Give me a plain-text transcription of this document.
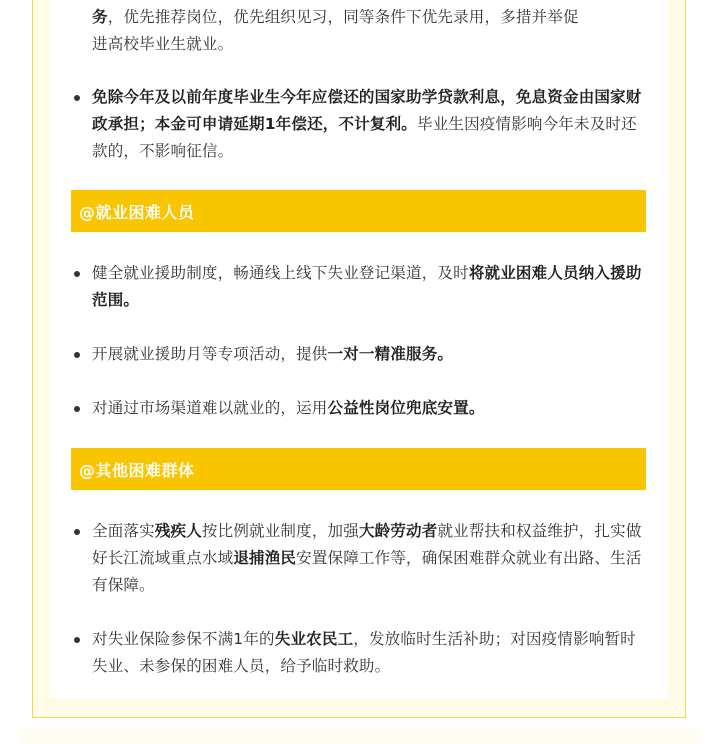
务，优先推荐岗位，优先组织见习，同等条件下优先录用，多措并举促
进高校毕业生就业。
免除今年及以前年度毕业生今年应偿还的国家助学贷款利息，免息资金由国家财政承担；本金可申请延期1年偿还，不计复利。毕业生因疫情影响今年未及时还款的，不影响征信。
@就业困难人员
健全就业援助制度，畅通线上线下失业登记渠道，及时将就业困难人员纳入援助范围。
开展就业援助月等专项活动，提供一对一精准服务。
对通过市场渠道难以就业的，运用公益性岗位兜底安置。
@其他困难群体
全面落实残疾人按比例就业制度，加强大龄劳动者就业帮扶和权益维护，扎实做好长江流域重点水域退捕渔民安置保障工作等，确保困难群众就业有出路、生活有保障。
对失业保险参保不满1年的失业农民工，发放临时生活补助；对因疫情影响暂时失业、未参保的困难人员，给予临时救助。
